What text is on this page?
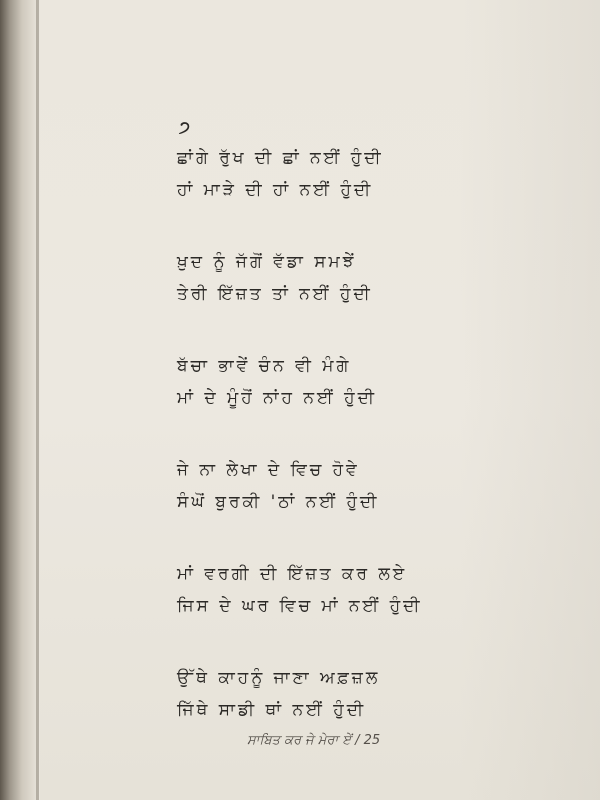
੭
ਛਾਂਗੇ ਰੁੱਖ ਦੀ ਛਾਂ ਨਈਂ ਹੁੰਦੀ
ਹਾਂ ਮਾੜੇ ਦੀ ਹਾਂ ਨਈਂ ਹੁੰਦੀ
ਖ਼ੁਦ ਨੂੰ ਜੱਗੋਂ ਵੱਡਾ ਸਮਝੇਂ
ਤੇਰੀ ਇੱਜ਼ਤ ਤਾਂ ਨਈਂ ਹੁੰਦੀ
ਬੱਚਾ ਭਾਵੇਂ ਚੰਨ ਵੀ ਮੰਗੇ
ਮਾਂ ਦੇ ਮੂੰਹੋਂ ਨਾਂਹ ਨਈਂ ਹੁੰਦੀ
ਜੇ ਨਾ ਲੇਖਾ ਦੇ ਵਿਚ ਹੋਵੇ
ਸੰਘੋਂ ਬੁਰਕੀ 'ਠਾਂ ਨਈਂ ਹੁੰਦੀ
ਮਾਂ ਵਰਗੀ ਦੀ ਇੱਜ਼ਤ ਕਰ ਲਏ
ਜਿਸ ਦੇ ਘਰ ਵਿਚ ਮਾਂ ਨਈਂ ਹੁੰਦੀ
ਉੱਥੇ ਕਾਹਨੂੰ ਜਾਣਾ ਅਫ਼ਜ਼ਲ
ਜਿੱਥੇ ਸਾਡੀ ਥਾਂ ਨਈਂ ਹੁੰਦੀ
ਸਾਬਿਤ ਕਰ ਜੇ ਮੇਰਾ ਏਂ / 25
